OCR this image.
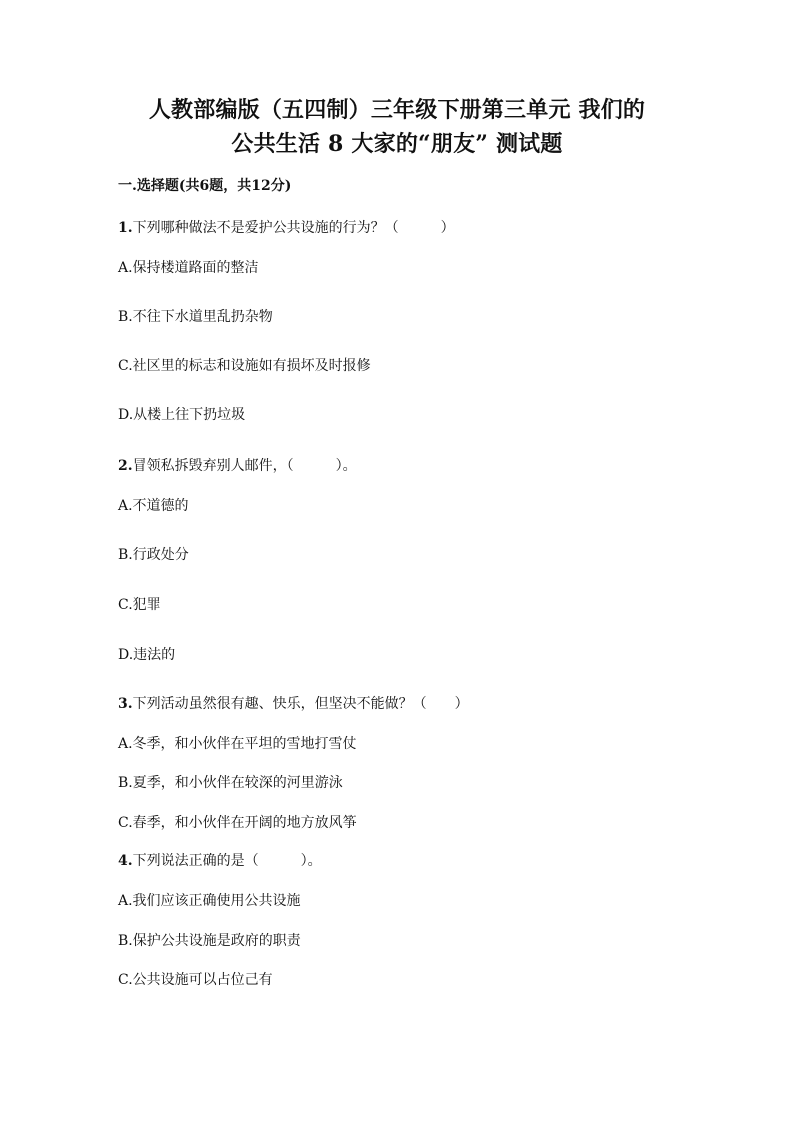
人教部编版（五四制）三年级下册第三单元 我们的
公共生活 8 大家的“朋友” 测试题
一.选择题(共6题，共12分)
1.下列哪种做法不是爱护公共设施的行为？（　　　）
A.保持楼道路面的整洁
B.不往下水道里乱扔杂物
C.社区里的标志和设施如有损坏及时报修
D.从楼上往下扔垃圾
2.冒领私拆毁弃别人邮件，（　　　）。
A.不道德的
B.行政处分
C.犯罪
D.违法的
3.下列活动虽然很有趣、快乐，但坚决不能做？（　　）
A.冬季，和小伙伴在平坦的雪地打雪仗
B.夏季，和小伙伴在较深的河里游泳
C.春季，和小伙伴在开阔的地方放风筝
4.下列说法正确的是（　　　）。
A.我们应该正确使用公共设施
B.保护公共设施是政府的职责
C.公共设施可以占位己有
